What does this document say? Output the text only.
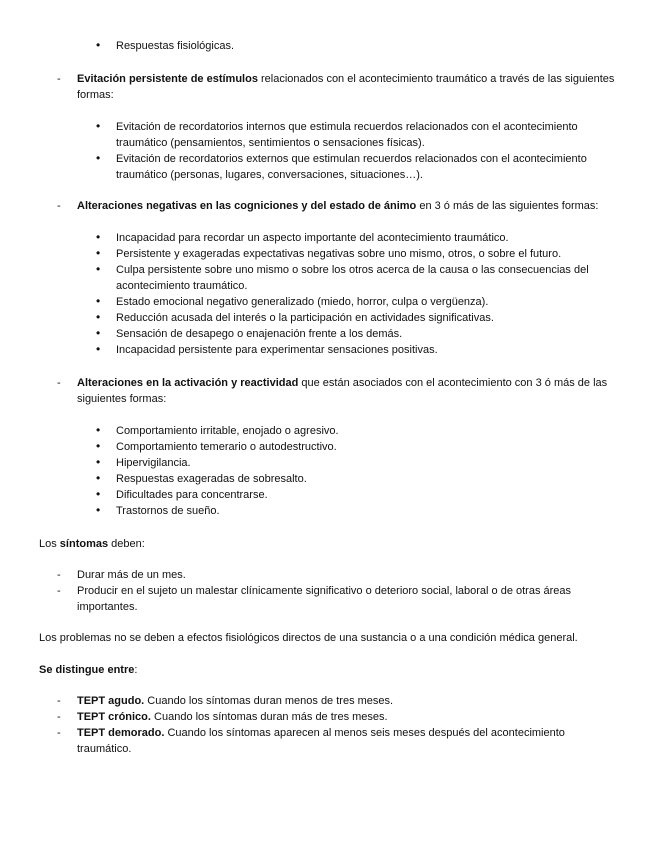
• Respuestas fisiológicas.

- Evitación persistente de estímulos relacionados con el acontecimiento traumático a través de las siguientes formas:

• Evitación de recordatorios internos que estimula recuerdos relacionados con el acontecimiento traumático (pensamientos, sentimientos o sensaciones físicas).

• Evitación de recordatorios externos que estimulan recuerdos relacionados con el acontecimiento traumático (personas, lugares, conversaciones, situaciones…).

- Alteraciones negativas en las cogniciones y del estado de ánimo en 3 ó más de las siguientes formas:

• Incapacidad para recordar un aspecto importante del acontecimiento traumático.

• Persistente y exageradas expectativas negativas sobre uno mismo, otros, o sobre el futuro.

• Culpa persistente sobre uno mismo o sobre los otros acerca de la causa o las consecuencias del acontecimiento traumático.

• Estado emocional negativo generalizado (miedo, horror, culpa o vergüenza).

• Reducción acusada del interés o la participación en actividades significativas.

• Sensación de desapego o enajenación frente a los demás.

• Incapacidad persistente para experimentar sensaciones positivas.

- Alteraciones en la activación y reactividad que están asociados con el acontecimiento con 3 ó más de las siguientes formas:

• Comportamiento irritable, enojado o agresivo.

• Comportamiento temerario o autodestructivo.

• Hipervigilancia.

• Respuestas exageradas de sobresalto.

• Dificultades para concentrarse.

• Trastornos de sueño.

Los síntomas deben:

- Durar más de un mes.

- Producir en el sujeto un malestar clínicamente significativo o deterioro social, laboral o de otras áreas importantes.

Los problemas no se deben a efectos fisiológicos directos de una sustancia o a una condición médica general.

Se distingue entre:

- TEPT agudo. Cuando los síntomas duran menos de tres meses.

- TEPT crónico. Cuando los síntomas duran más de tres meses.

- TEPT demorado. Cuando los síntomas aparecen al menos seis meses después del acontecimiento traumático.
